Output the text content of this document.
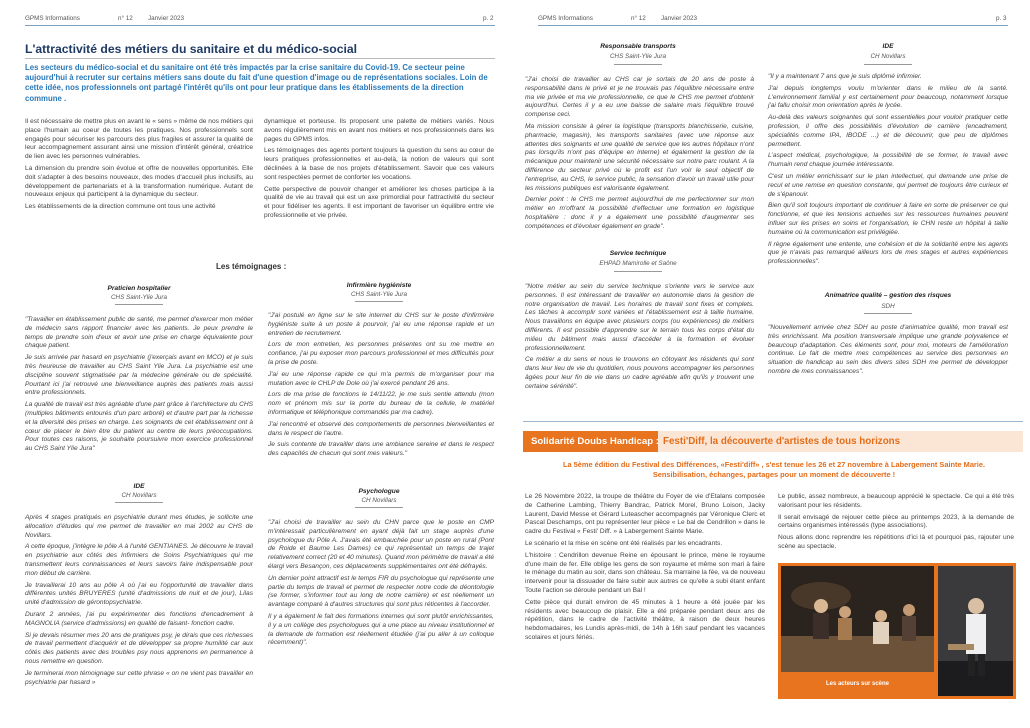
GPMS Informations	n° 12 Janvier 2023	p. 2
L'attractivité des métiers du sanitaire et du médico-social
Les secteurs du médico-social et du sanitaire ont été très impactés par la crise sanitaire du Covid-19. Ce secteur peine aujourd'hui à recruter sur certains métiers sans doute du fait d'une question d'image ou de représentations sociales. Loin de cette idée, nos professionnels ont partagé l'intérêt qu'ils ont pour leur pratique dans les établissements de la direction commune .

Il est nécessaire de mettre plus en avant le « sens » même de nos métiers qui place l'humain au coeur de toutes les pratiques. Nos professionnels sont engagés pour sécuriser les parcours des plus fragiles et assurer la qualité de leur accompagnement assurant ainsi une mission d'intérêt général, créatrice de lien avec les personnes vulnérables.

La dimension du prendre soin évolue et offre de nouvelles opportunités. Elle doit s'adapter à des besoins nouveaux, des modes d'accueil plus inclusifs, au développement de partenariats et à la transformation numérique. Autant de nouveaux enjeux qui participent à la dynamique du secteur.

Les établissements de la direction commune ont tous une activité

dynamique et porteuse. Ils proposent une palette de métiers variés. Nous avons régulièrement mis en avant nos métiers et nos professionnels dans les pages du GPMS infos.

Les témoignages des agents portent toujours la question du sens au cœur de leurs pratiques professionnelles et au-delà, la notion de valeurs qui sont déclinées à la base de nos projets d'établissement. Savoir que ces valeurs sont respectées permet de conforter les vocations.

Cette perspective de pouvoir changer et améliorer les choses participe à la qualité de vie au travail qui est un axe primordial pour l'attractivité du secteur et pour fidéliser les agents. Il est important de favoriser un équilibre entre vie professionnelle et vie privée.

Les témoignages :
Praticien hospitalier
CHS Saint-Ylie Jura

"Travailler en établissement public de santé, me permet d'exercer mon métier de médecin sans rapport financier avec les patients. Je peux prendre le temps de prendre soin d'eux et avoir une prise en charge équivalente pour chaque patient.

Je suis arrivée par hasard en psychiatrie (j'exerçais avant en MCO) et je suis très heureuse de travailler au CHS Saint Ylie Jura. La psychiatrie est une discipline souvent stigmatisée par la médecine générale ou de spécialité. Pourtant ici j'ai retrouvé une bienveillance auprès des patients mais aussi entre professionnels.

La qualité de travail est très agréable d'une part grâce à l'architecture du CHS (multiples bâtiments entourés d'un parc arboré) et d'autre part par la richesse et la diversité des prises en charge. Les soignants de cet établissement ont à cœur de placer le bien être du patient au centre de leurs préoccupations. Pour toutes ces raisons, je souhaite poursuivre mon exercice professionnel au CHS Saint Ylie Jura"

Infirmière hygiéniste
CHS Saint-Ylie Jura

"J'ai postulé en ligne sur le site internet du CHS sur le poste d'infirmière hygiéniste suite à un poste à pourvoir, j'ai eu une réponse rapide et un entretien de recrutement.

Lors de mon entretien, les personnes présentes ont su me mettre en confiance, j'ai pu exposer mon parcours professionnel et mes difficultés pour la prise de poste.

J'ai eu une réponse rapide ce qui m'a permis de m'organiser pour ma mutation avec le CHLP de Dole où j'ai exercé pendant 26 ans.

Lors de ma prise de fonctions le 14/11/22, je me suis sentie attendu (mon nom et prénom mis sur la porte du bureau de la cellule, le matériel informatique et téléphonique commandés par ma cadre).

J'ai rencontré et observé des comportements de personnes bienveillantes et dans le respect de l'autre.

Je suis contente de travailler dans une ambiance sereine et dans le respect des capacités de chacun qui sont mes valeurs."

IDE
CH Novillars

Après 4 stages pratiqués en psychiatrie durant mes études, je sollicite une allocation d'études qui me permet de travailler en mai 2002 au CHS de Novillars.

A cette époque, j'intègre le pôle A à l'unité GENTIANES. Je découvre le travail en psychiatrie aux côtés des Infirmiers de Soins Psychiatriques qui me transmettent leurs connaissances et leurs savoirs faire indispensable pour mon début de carrière.

Je travaillerai 10 ans au pôle A où j'ai eu l'opportunité de travailler dans différentes unités BRUYERES (unité d'admissions de nuit et de jour), Lilas unité d'admission de gérontopsychiatrie.

Durant 2 années, j'ai pu expérimenter des fonctions d'encadrement à MAGNOLIA (service d'admissions) en qualité de faisant- fonction cadre.

Si je devais résumer mes 20 ans de pratiques psy, je dirais que ces richesses de travail permettent d'acquérir et de développer sa propre humilité car aux côtés des patients avec des troubles psy nous apprenons en permanence à nous remettre en question.

Je terminerai mon témoignage sur cette phrase « on ne vient pas travailler en psychiatrie par hasard »

Psychologue
CH Novillars

"J'ai choisi de travailler au sein du CHN parce que le poste en CMP m'intéressait particulièrement en ayant déjà fait un stage auprès d'une psychologue du Pôle A. J'avais été embauchée pour un poste en rural (Pont de Roide et Baume Les Dames) ce qui représentait un temps de trajet relativement correct (20 et 40 minutes). Quand mon périmètre de travail a été élargi vers Besançon, ces déplacements supplémentaires ont été défrayés.

Un dernier point attractif est le temps FIR du psychologue qui représente une partie du temps de travail et permet de respecter notre code de déontologie (se former, s'informer tout au long de notre carrière) et est réellement un avantage comparé à d'autres structures qui sont plus réticentes à l'accorder.

Il y a également le fait des formations internes qui sont plutôt enrichissantes, il y a un collège des psychologues qui a une place au niveau institutionnel et la demande de formation est réellement étudiée (j'ai pu aller à un colloque récemment)".

GPMS Informations	n° 12 Janvier 2023	p. 3
Responsable transports
CHS Saint-Ylie Jura

"J'ai choisi de travailler au CHS car je sortais de 20 ans de poste à responsabilité dans le privé et je ne trouvais pas l'équilibre nécessaire entre ma vie privée et ma vie professionnelle, ce que le CHS me permet d'obtenir aujourd'hui. Certes il y a eu une baisse de salaire mais l'équilibre trouvé compense ceci.

Ma mission consiste à gérer la logistique (transports blanchisserie, cuisine, pharmacie, magasin), les transports sanitaires (avec une réponse aux attentes des soignants et une qualité de service que les autres hôpitaux n'ont pas lorsqu'ils n'ont pas d'équipe en interne) et également la gestion de la mécanique pour maintenir une sécurité nécessaire sur notre parc roulant. A la différence du secteur privé où le profit est l'un voir le seul objectif de l'entreprise, au CHS, le service public, la sensation d'avoir un travail utile pour les missions publiques est valorisante également.

Dernier point : le CHS me permet aujourd'hui de me perfectionner sur mon métier en m'offrant la possibilité d'effectuer une formation en logistique hospitalière : donc il y a également une possibilité d'augmenter ses compétences et d'évoluer également en grade".

Service technique
EHPAD Mamirolle et Saône

"Notre métier au sein du service technique s'oriente vers le service aux personnes. Il est intéressant de travailler en autonomie dans la gestion de notre organisation de travail. Les horaires de travail sont fixes et complets. Les tâches à accomplir sont variées et l'établissement est à taille humaine. Nous travaillons en équipe avec plusieurs corps (ou expériences) de métiers différents. Il est possible d'apprendre sur le terrain tous les corps d'état du milieu du bâtiment mais aussi d'accéder à la formation et évoluer professionnellement.

Ce métier a du sens et nous le trouvons en côtoyant les résidents qui sont dans leur lieu de vie du quotidien, nous pouvons accompagner les personnes âgées pour leur fin de vie dans un cadre agréable afin qu'ils y trouvent une certaine sérénité".

IDE
CH Novillars

"Il y a maintenant 7 ans que je suis diplômé infirmier.

J'ai depuis longtemps voulu m'orienter dans le milieu de la santé. L'environnement familial y est certainement pour beaucoup, notamment lorsque j'ai fallu choisir mon orientation après le lycée.

Au-delà des valeurs soignantes qui sont essentielles pour vouloir pratiquer cette profession, il offre des possibilités d'évolution de carrière (encadrement, spécialités comme IPA, IBODE ...) et de découvrir, que peu de diplômes permettent.

L'aspect médical, psychologique, la possibilité de se former, le travail avec l'humain rend chaque journée intéressante.

C'est un métier enrichissant sur le plan intellectuel, qui demande une prise de recul et une remise en question constante, qui permet de toujours être curieux et de s'épanouir.

Bien qu'il soit toujours important de continuer à faire en sorte de préserver ce qui fonctionne, et que les tensions actuelles sur les ressources humaines peuvent influer sur les prises en soins et l'organisation, le CHN reste un hôpital à taille humaine où la communication est privilégiée.

Il règne également une entente, une cohésion et de la solidarité entre les agents que je n'avais pas remarqué ailleurs lors de mes stages et autres expériences professionnelles".

Animatrice qualité – gestion des risques
SDH

"Nouvellement arrivée chez SDH au poste d'animatrice qualité, mon travail est très enrichissant. Ma position transversale implique une grande polyvalence et beaucoup d'adaptation. Ces éléments sont, pour moi, moteurs de l'amélioration continue. Le fait de mettre mes compétences au service des personnes en situation de handicap au sein des divers sites SDH me permet de développer nombre de mes connaissances".

Solidarité Doubs Handicap : Festi'Diff, la découverte d'artistes de tous horizons
La 5ème édition du Festival des Différences, «Festi'diff» , s'est tenue les 26 et 27 novembre à Labergement Sainte Marie. Sensibilisation, échanges, partages pour un moment de découverte !

Le 26 Novembre 2022, la troupe de théâtre du Foyer de vie d'Etalans composée de Catherine Lambing, Thierry Bandrac, Patrick Morel, Bruno Loison, Jacky Laurent, David Messe et Gérard Luteascher accompagnés par Véronique Clerc et Pascal Deschamps, ont pu représenter leur pièce « Le bal de Cendrillon » dans le cadre du Festival « Festi' Diff. » à Labergement Sainte Marie.

Le scénario et la mise en scène ont été réalisés par les encadrants.

L'histoire : Cendrillon devenue Reine en épousant le prince, mène le royaume d'une main de fer. Elle oblige les gens de son royaume et même son mari à faire le ménage du matin au soir, dans son château. Sa marraine la fée, va de nouveau intervenir pour la dissuader de faire subir aux autres ce qu'elle a subi étant enfant Toute l'action se déroule pendant un Bal !

Cette pièce qui durait environ de 45 minutes à 1 heure a été jouée par les résidents avec beaucoup de plaisir. Elle a été préparée pendant deux ans de répétition, dans le cadre de l'activité théâtre, à raison de deux heures hebdomadaires, les Lundis après-midi, de 14h à 16h sauf pendant les vacances scolaires et jours fériés.

Le public, assez nombreux, a beaucoup apprécié le spectacle. Ce qui a été très valorisant pour les résidents.

Il serait envisagé de rejouer cette pièce au printemps 2023, à la demande de certains organismes intéressés (type associations).

Nous allons donc reprendre les répétitions d'ici là et pourquoi pas, rajouter une scène au spectacle.

Les acteurs sur scène
